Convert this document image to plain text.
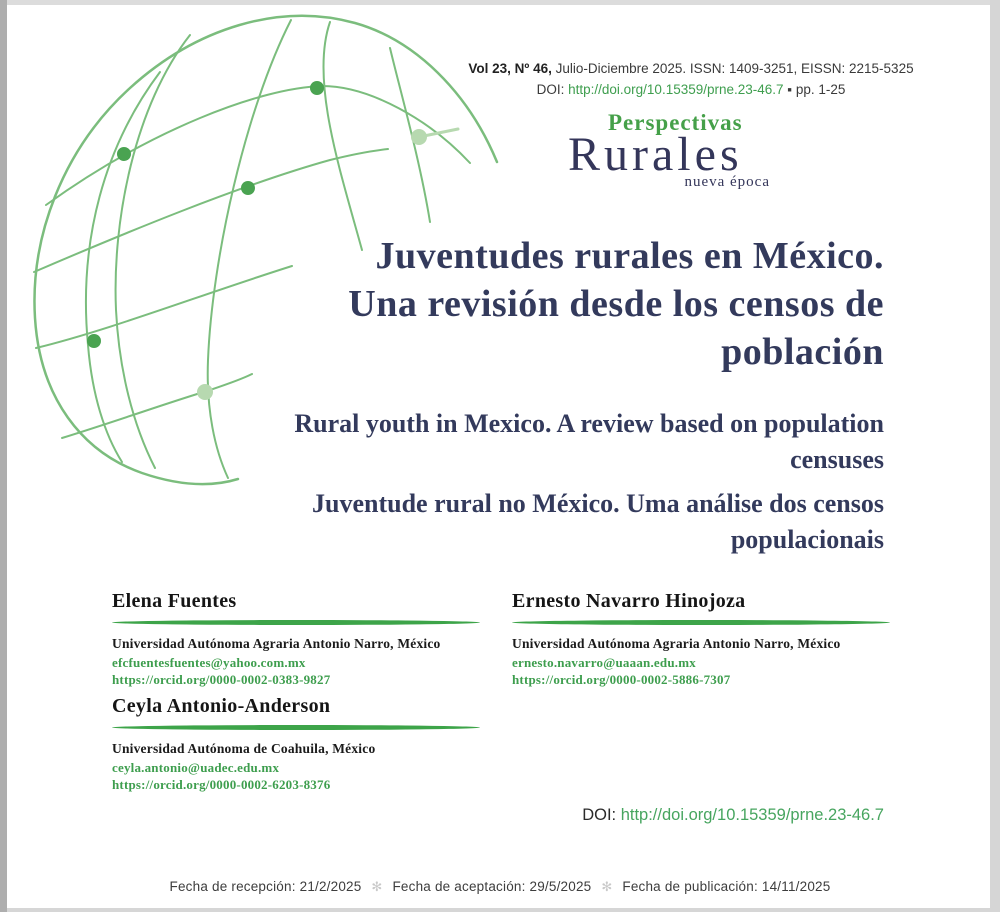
Vol 23, Nº 46, Julio-Diciembre 2025. ISSN: 1409-3251, EISSN: 2215-5325
DOI: http://doi.org/10.15359/prne.23-46.7 ▪ pp. 1-25
Perspectivas
Rurales
nueva época
Juventudes rurales en México.
Una revisión desde los censos de
población
Rural youth in Mexico. A review based on population
censuses
Juventude rural no México. Uma análise dos censos
populacionais
Elena Fuentes
Universidad Autónoma Agraria Antonio Narro, México
efcfuentesfuentes@yahoo.com.mx
https://orcid.org/0000-0002-0383-9827
Ernesto Navarro Hinojoza
Universidad Autónoma Agraria Antonio Narro, México
ernesto.navarro@uaaan.edu.mx
https://orcid.org/0000-0002-5886-7307
Ceyla Antonio-Anderson
Universidad Autónoma de Coahuila, México
ceyla.antonio@uadec.edu.mx
https://orcid.org/0000-0002-6203-8376
DOI: http://doi.org/10.15359/prne.23-46.7
Fecha de recepción: 21/2/2025 ✻ Fecha de aceptación: 29/5/2025 ✻ Fecha de publicación: 14/11/2025
